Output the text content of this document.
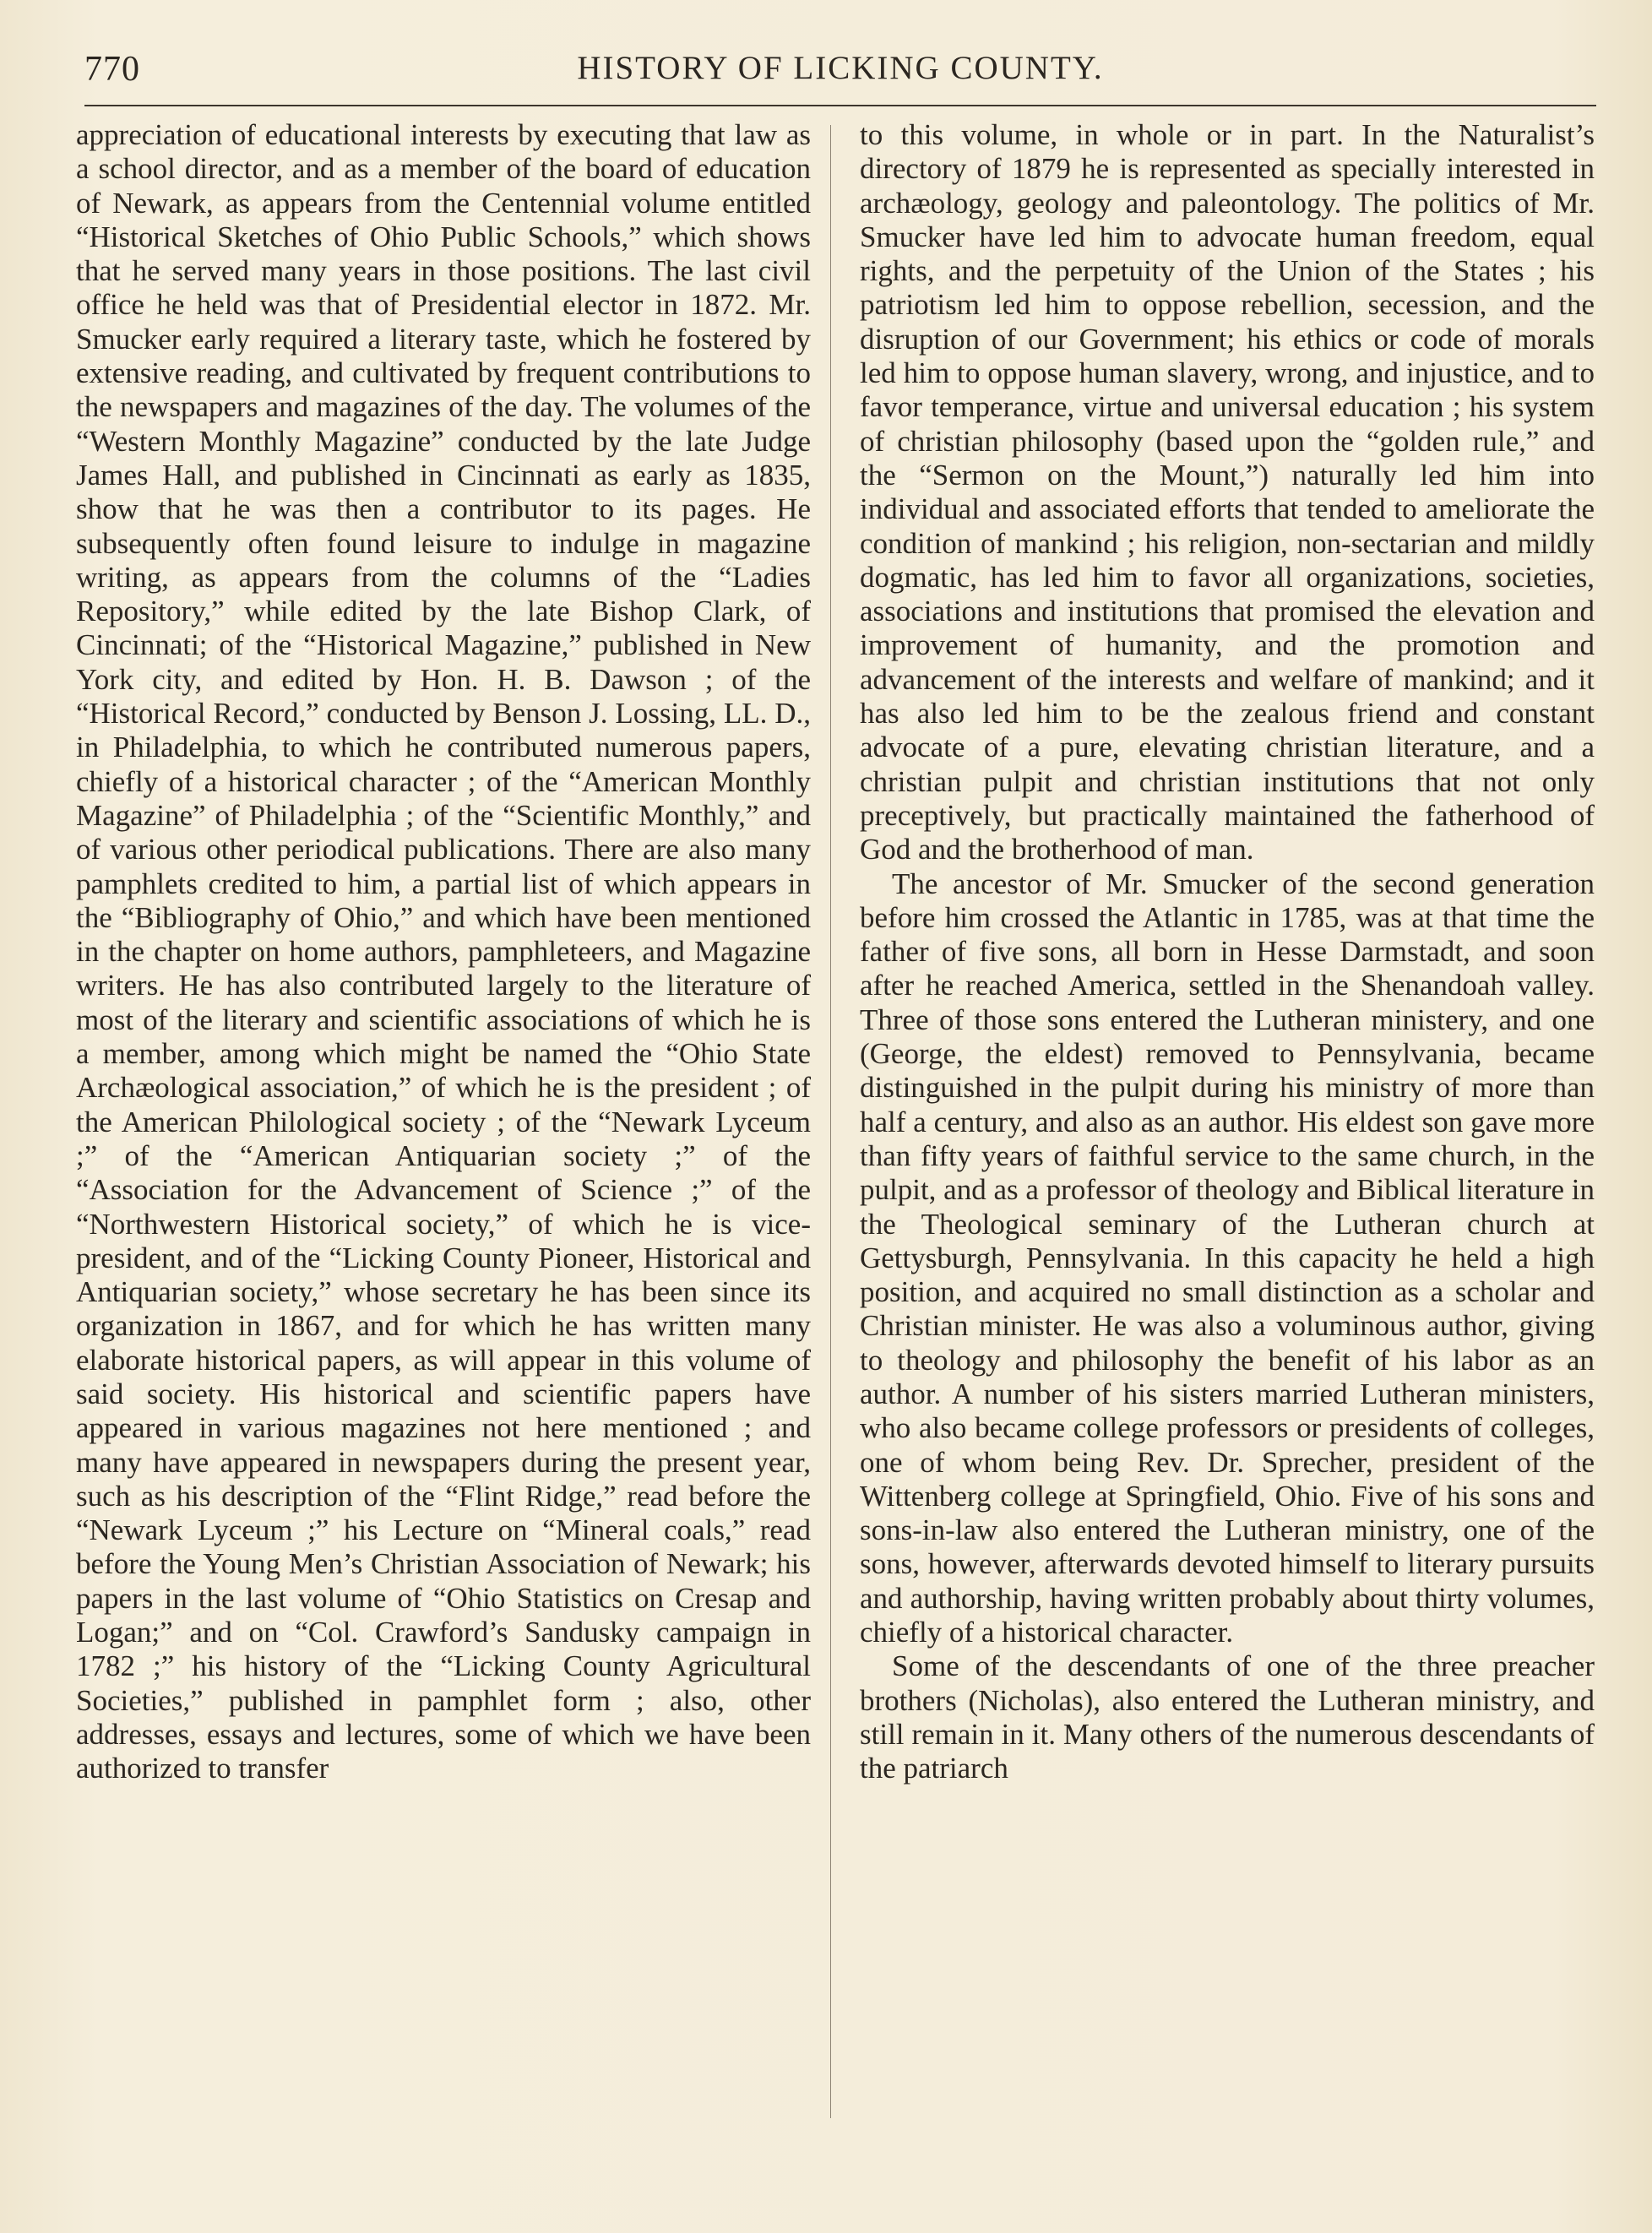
770	HISTORY OF LICKING COUNTY.

appreciation of educational interests by executing that law as a school director, and as a member of the board of education of Newark, as appears from the Centennial volume entitled “Historical Sketches of Ohio Public Schools,” which shows that he served many years in those positions. The last civil office he held was that of Presidential elector in 1872. Mr. Smucker early required a literary taste, which he fostered by extensive reading, and cultivated by frequent contributions to the newspapers and magazines of the day. The volumes of the “Western Monthly Magazine” conducted by the late Judge James Hall, and published in Cincinnati as early as 1835, show that he was then a contributor to its pages. He subsequently often found leisure to indulge in magazine writing, as appears from the columns of the “Ladies Repository,” while edited by the late Bishop Clark, of Cincinnati; of the “Historical Magazine,” published in New York city, and edited by Hon. H. B. Dawson ; of the “Historical Record,” conducted by Benson J. Lossing, LL. D., in Philadelphia, to which he contributed numerous papers, chiefly of a historical character ; of the “American Monthly Magazine” of Philadelphia ; of the “Scientific Monthly,” and of various other periodical publications. There are also many pamphlets credited to him, a partial list of which appears in the “Bibliography of Ohio,” and which have been mentioned in the chapter on home authors, pamphleteers, and Magazine writers. He has also contributed largely to the literature of most of the literary and scientific associations of which he is a member, among which might be named the “Ohio State Archæological association,” of which he is the president ; of the American Philological society ; of the “Newark Lyceum ;” of the “American Antiquarian society ;” of the “Association for the Advancement of Science ;” of the “Northwestern Historical society,” of which he is vice-president, and of the “Licking County Pioneer, Historical and Antiquarian society,” whose secretary he has been since its organization in 1867, and for which he has written many elaborate historical papers, as will appear in this volume of said society. His historical and scientific papers have appeared in various magazines not here mentioned ; and many have appeared in newspapers during the present year, such as his description of the “Flint Ridge,” read before the “Newark Lyceum ;” his Lecture on “Mineral coals,” read before the Young Men’s Christian Association of Newark; his papers in the last volume of “Ohio Statistics on Cresap and Logan;” and on “Col. Crawford’s Sandusky campaign in 1782 ;” his history of the “Licking County Agricultural Societies,” published in pamphlet form ; also, other addresses, essays and lectures, some of which we have been authorized to transfer

to this volume, in whole or in part. In the Naturalist’s directory of 1879 he is represented as specially interested in archæology, geology and paleontology. The politics of Mr. Smucker have led him to advocate human freedom, equal rights, and the perpetuity of the Union of the States ; his patriotism led him to oppose rebellion, secession, and the disruption of our Government; his ethics or code of morals led him to oppose human slavery, wrong, and injustice, and to favor temperance, virtue and universal education ; his system of christian philosophy (based upon the “golden rule,” and the “Sermon on the Mount,”) naturally led him into individual and associated efforts that tended to ameliorate the condition of mankind ; his religion, non-sectarian and mildly dogmatic, has led him to favor all organizations, societies, associations and institutions that promised the elevation and improvement of humanity, and the promotion and advancement of the interests and welfare of mankind; and it has also led him to be the zealous friend and constant advocate of a pure, elevating christian literature, and a christian pulpit and christian institutions that not only preceptively, but practically maintained the fatherhood of God and the brotherhood of man.

The ancestor of Mr. Smucker of the second generation before him crossed the Atlantic in 1785, was at that time the father of five sons, all born in Hesse Darmstadt, and soon after he reached America, settled in the Shenandoah valley. Three of those sons entered the Lutheran ministery, and one (George, the eldest) removed to Pennsylvania, became distinguished in the pulpit during his ministry of more than half a century, and also as an author. His eldest son gave more than fifty years of faithful service to the same church, in the pulpit, and as a professor of theology and Biblical literature in the Theological seminary of the Lutheran church at Gettysburgh, Pennsylvania. In this capacity he held a high position, and acquired no small distinction as a scholar and Christian minister. He was also a voluminous author, giving to theology and philosophy the benefit of his labor as an author. A number of his sisters married Lutheran ministers, who also became college professors or presidents of colleges, one of whom being Rev. Dr. Sprecher, president of the Wittenberg college at Springfield, Ohio. Five of his sons and sons-in-law also entered the Lutheran ministry, one of the sons, however, afterwards devoted himself to literary pursuits and authorship, having written probably about thirty volumes, chiefly of a historical character.

Some of the descendants of one of the three preacher brothers (Nicholas), also entered the Lutheran ministry, and still remain in it. Many others of the numerous descendants of the patriarch
